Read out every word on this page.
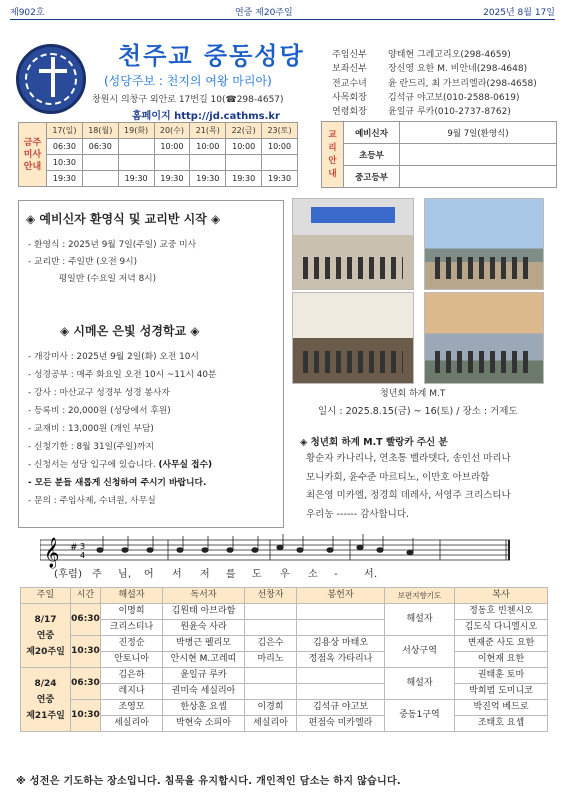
제902호	연중 제20주일	2025년 8월 17일
천주교 중동성당
(성당주보 : 천지의 여왕 마리아)
창원시 의창구 외안로 17번길 10(☎298-4657)
홈페이지 http://jd.cathms.kr
주임신부	양태현 그레고리오(298-4659)
보좌신부	장신영 요한 M. 비안네(298-4648)
전교수녀	윤 란드리, 최 가브리엘라(298-4658)
사목회장	김석규 야고보(010-2588-0619)
연령회장	윤일규 루카(010-2737-8762)
금주
미사
안내	17(일)	18(월)	19(화)	20(수)	21(목)	22(금)	23(토)
	06:30	06:30		10:00	10:00	10:00	10:00
	10:30						
	19:30		19:30	19:30	19:30	19:30	19:30
교
리
안
내	예비신자	9월 7일(환영식)
	초등부	
	중고등부	
◈ 예비신자 환영식 및 교리반 시작 ◈
- 환영식 : 2025년 9월 7일(주일) 교중 미사
- 교리반 : 주일반 (오전 9시)
평일반 (수요일 저녁 8시)
◈ 시메온 은빛 성경학교 ◈
- 개강미사 : 2025년 9월 2일(화) 오전 10시
- 성경공부 : 매주 화요일 오전 10시 ~11시 40분
- 강사 : 마산교구 성경부 성경 봉사자
- 등록비 : 20,000원 (성당에서 후원)
- 교재비 : 13,000원 (개인 부담)
- 신청기한 : 8월 31일(주일)까지
- 신청서는 성당 입구에 있습니다. (사무실 접수)
- 모든 분들 새롭게 신청하여 주시기 바랍니다.
- 문의 : 주임사제, 수녀원, 사무실
청년회 하계 M.T
일시 : 2025.8.15(금) ~ 16(토) / 장소 : 거제도
◈ 청년회 하계 M.T 빨랑카 주신 분
황순자 카나리나, 연초통 벨라뎃다, 송인선 마리나
모니카회, 윤수준 마르티노, 이만호 아브라함
최은영 미카엘, 정경희 데레사, 서영주 크리스티나
우리농 ------ 감사합니다.
𝄞 # 3
4
(후렴) 주 님, 어 서 저 를 도 우 소 -	서.
주일	시간	해설자	독서자	선창자	봉헌자	보편지향기도	복사
8/17
연중
제20주일	06:30	이명희	김원태 아브라함			해설자	정동호 빈첸시오
		크리스티나	원윤숙 사라				김도식 다니엘시오
	10:30	진정순	박병근 펠리모	김은수	김용상 마태오	서상구역	변재준 사도 요한
		안토니아	안시현 M.고레띠	마리노	정점옥 가타리나		이현재 요한
8/24
연중
제21주일	06:30	김은하	윤일규 루카			해설자	권태훈 토마
		레지나	권미숙 세실리아				박희범 도미니코
	10:30	조영모	한상훈 요셉	이경희	김석규 야고보	중동1구역	박진억 베드로
		세실리아	박현숙 소피아	세실리아	편점숙 미카엘라		조태호 요셉
※ 성전은 기도하는 장소입니다. 침묵을 유지합시다. 개인적인 담소는 하지 않습니다.
